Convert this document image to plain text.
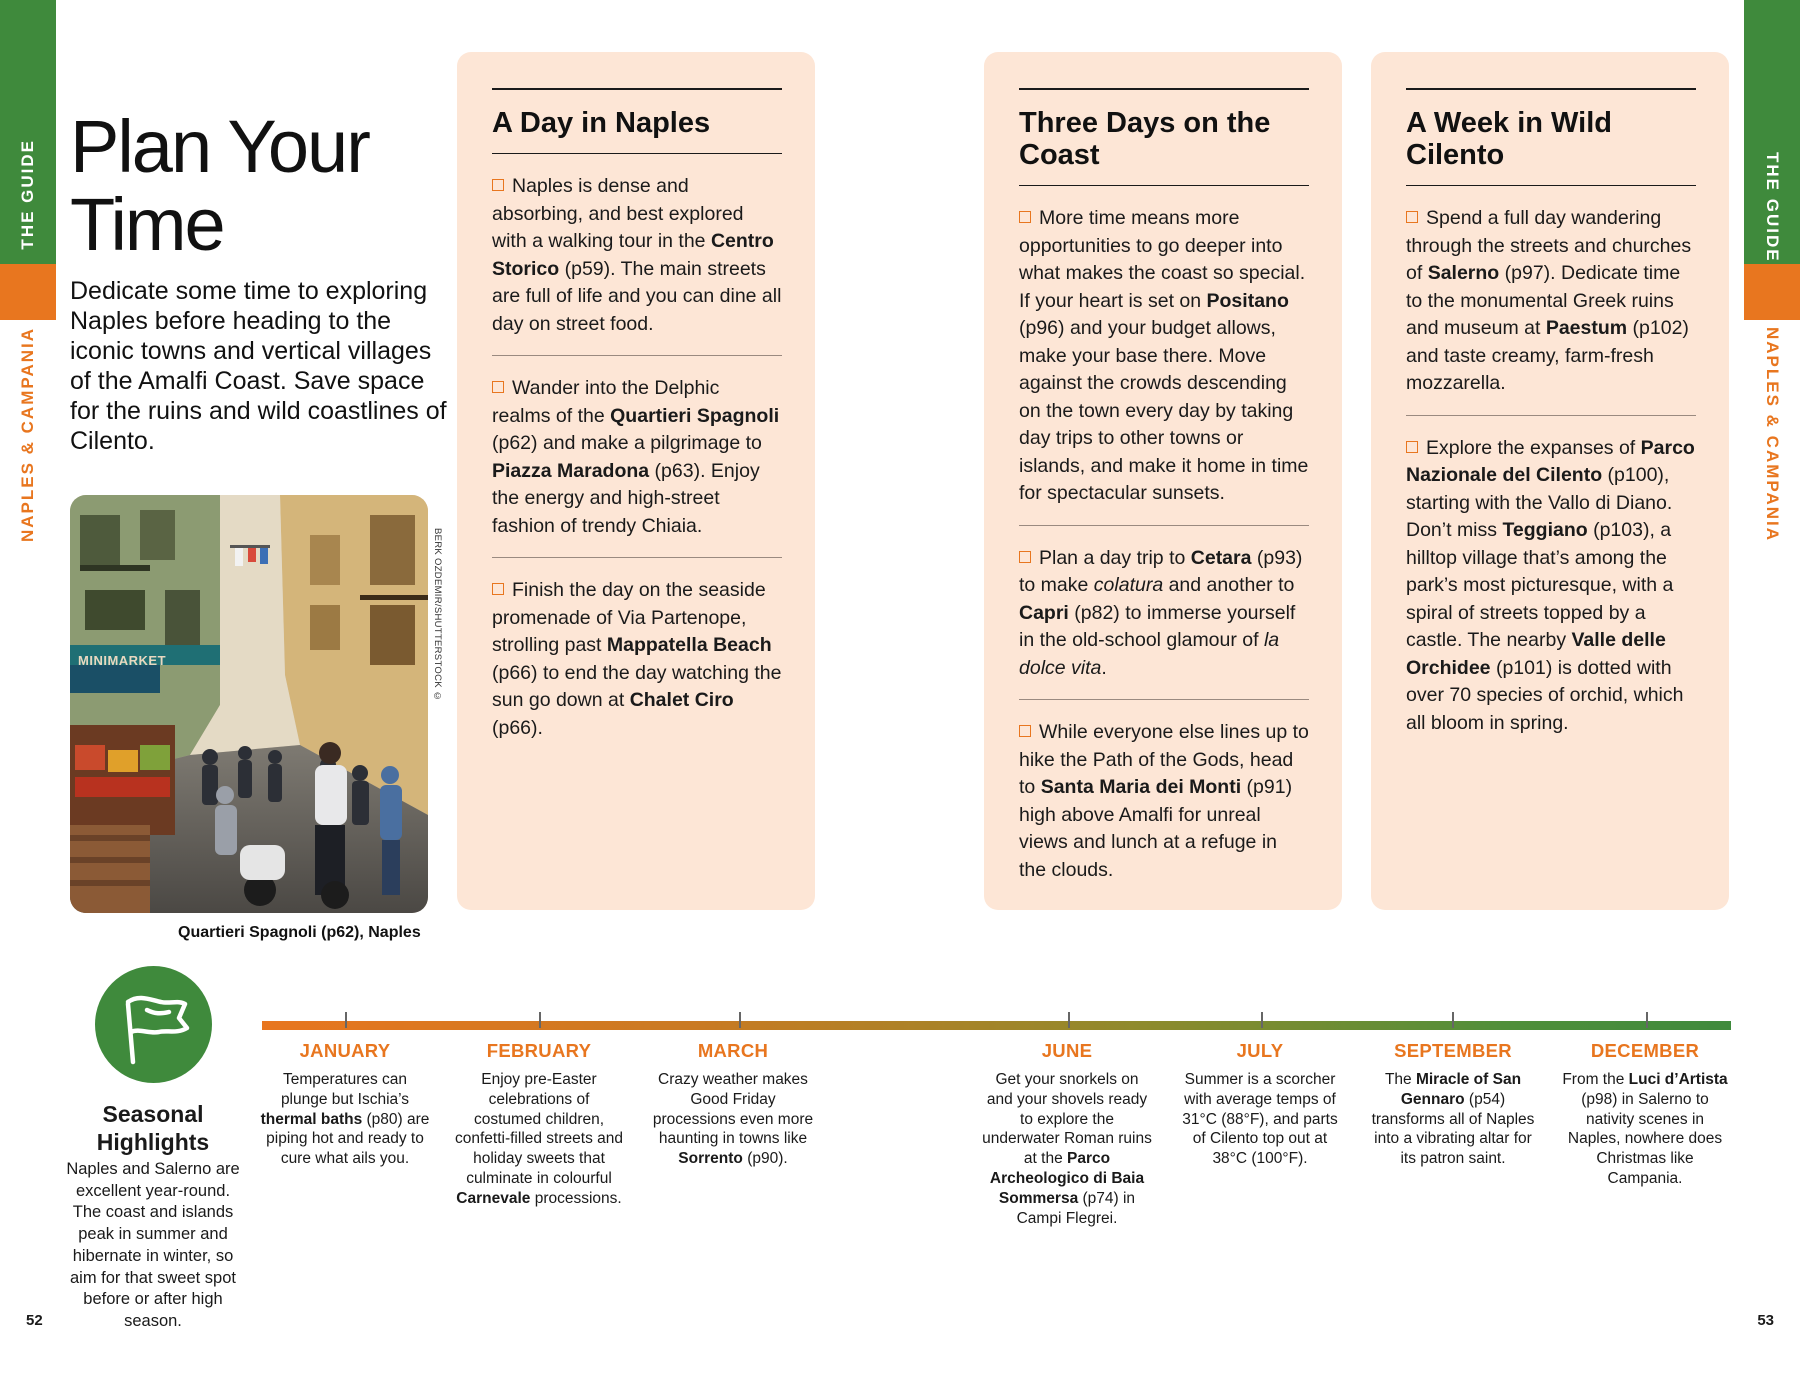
THE GUIDE
NAPLES & CAMPANIA
THE GUIDE
NAPLES & CAMPANIA
Plan Your
Time
Dedicate some time to exploring Naples before heading to the iconic towns and vertical villages of the Amalfi Coast. Save space for the ruins and wild coastlines of Cilento.
MINIMARKET	BERK OZDEMIR/SHUTTERSTOCK ©
Quartieri Spagnoli (p62), Naples
A Day in Naples

Naples is dense and absorbing, and best explored with a walking tour in the Centro Storico (p59). The main streets are full of life and you can dine all day on street food.

Wander into the Delphic realms of the Quartieri Spagnoli (p62) and make a pilgrimage to Piazza Maradona (p63). Enjoy the energy and high-street fashion of trendy Chiaia.

Finish the day on the seaside promenade of Via Partenope, strolling past Mappatella Beach (p66) to end the day watching the sun go down at Chalet Ciro (p66).

Three Days on the Coast

More time means more opportunities to go deeper into what makes the coast so special. If your heart is set on Positano (p96) and your budget allows, make your base there. Move against the crowds descending on the town every day by taking day trips to other towns or islands, and make it home in time for spectacular sunsets.

Plan a day trip to Cetara (p93) to make colatura and another to Capri (p82) to immerse yourself in the old-school glamour of la dolce vita.

While everyone else lines up to hike the Path of the Gods, head to Santa Maria dei Monti (p91) high above Amalfi for unreal views and lunch at a refuge in the clouds.

A Week in Wild Cilento

Spend a full day wandering through the streets and churches of Salerno (p97). Dedicate time to the monumental Greek ruins and museum at Paestum (p102) and taste creamy, farm-fresh mozzarella.

Explore the expanses of Parco Nazionale del Cilento (p100), starting with the Vallo di Diano. Don’t miss Teggiano (p103), a hilltop village that’s among the park’s most picturesque, with a spiral of streets topped by a castle. The nearby Valle delle Orchidee (p101) is dotted with over 70 species of orchid, which all bloom in spring.

Seasonal Highlights
Naples and Salerno are excellent year-round. The coast and islands peak in summer and hibernate in winter, so aim for that sweet spot before or after high season.
JANUARY

Temperatures can plunge but Ischia’s thermal baths (p80) are piping hot and ready to cure what ails you.

FEBRUARY

Enjoy pre-Easter celebrations of costumed children, confetti-filled streets and holiday sweets that culminate in colourful Carnevale processions.

MARCH

Crazy weather makes Good Friday processions even more haunting in towns like Sorrento (p90).

JUNE

Get your snorkels on and your shovels ready to explore the underwater Roman ruins at the Parco Archeologico di Baia Sommersa (p74) in Campi Flegrei.

JULY

Summer is a scorcher with average temps of 31°C (88°F), and parts of Cilento top out at 38°C (100°F).

SEPTEMBER

The Miracle of San Gennaro (p54) transforms all of Naples into a vibrating altar for its patron saint.

DECEMBER

From the Luci d’Artista (p98) in Salerno to nativity scenes in Naples, nowhere does Christmas like Campania.

52	53
